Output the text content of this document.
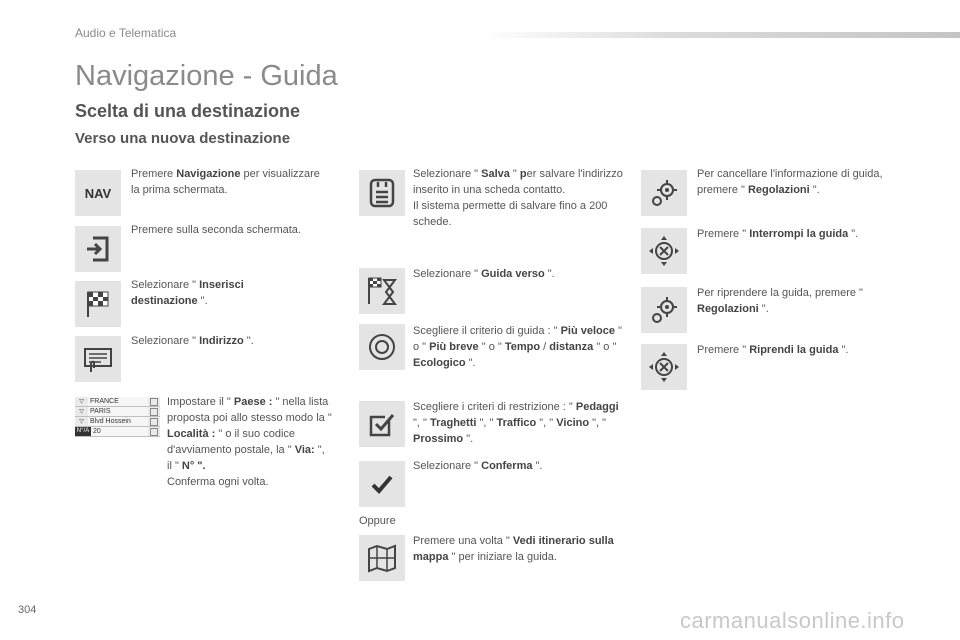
Audio e Telematica
Navigazione - Guida
Scelta di una destinazione
Verso una nuova destinazione
NAV
Premere Navigazione per visualizzare la prima schermata.
Premere sulla seconda schermata.
Selezionare " Inserisci destinazione ".
Selezionare " Indirizzo ".
▽ FRANCE
▽ PARIS
▽ Blvd Hossein
N°/A 20
Impostare il " Paese : " nella lista proposta poi allo stesso modo la " Località : " o il suo codice d'avviamento postale, la " Via: ", il " N° ".
Conferma ogni volta.
Selezionare " Salva " per salvare l'indirizzo inserito in una scheda contatto.
Il sistema permette di salvare fino a 200 schede.
Selezionare " Guida verso ".
Scegliere il criterio di guida : " Più veloce " o " Più breve " o " Tempo / distanza " o " Ecologico ".
Scegliere i criteri di restrizione : " Pedaggi ", " Traghetti ", " Traffico ", " Vicino ", " Prossimo ".
Selezionare " Conferma ".
Oppure
Premere una volta " Vedi itinerario sulla mappa " per iniziare la guida.
Per cancellare l'informazione di guida, premere " Regolazioni ".
Premere " Interrompi la guida ".
Per riprendere la guida, premere " Regolazioni ".
Premere " Riprendi la guida ".
304	carmanualsonline.info
